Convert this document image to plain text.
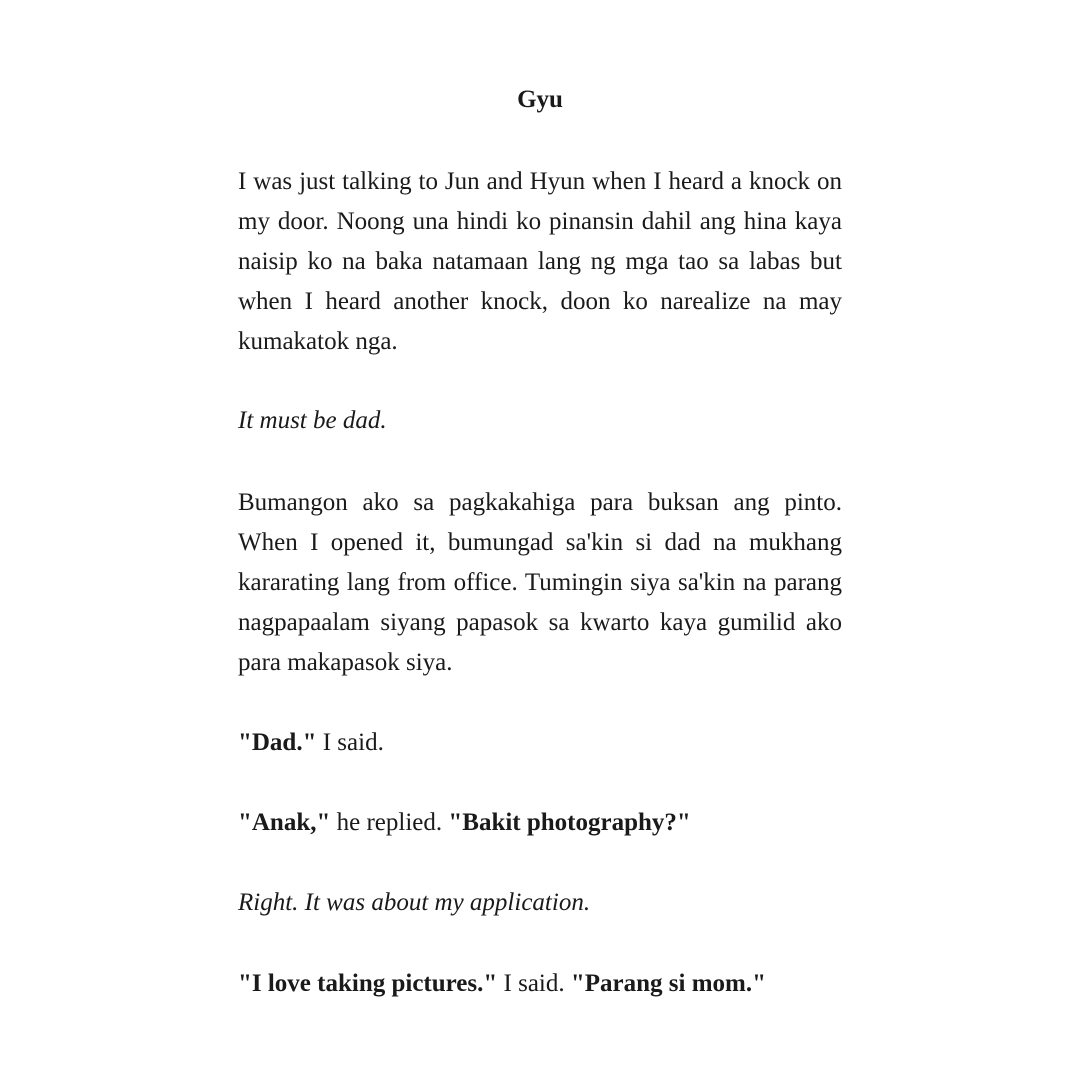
Gyu

I was just talking to Jun and Hyun when I heard a knock on my door. Noong una hindi ko pinansin dahil ang hina kaya naisip ko na baka natamaan lang ng mga tao sa labas but when I heard another knock, doon ko narealize na may kumakatok nga.

It must be dad.

Bumangon ako sa pagkakahiga para buksan ang pinto. When I opened it, bumungad sa'kin si dad na mukhang kararating lang from office. Tumingin siya sa'kin na parang nagpapaalam siyang papasok sa kwarto kaya gumilid ako para makapasok siya.

"Dad." I said.

"Anak," he replied. "Bakit photography?"

Right. It was about my application.

"I love taking pictures." I said. "Parang si mom."
